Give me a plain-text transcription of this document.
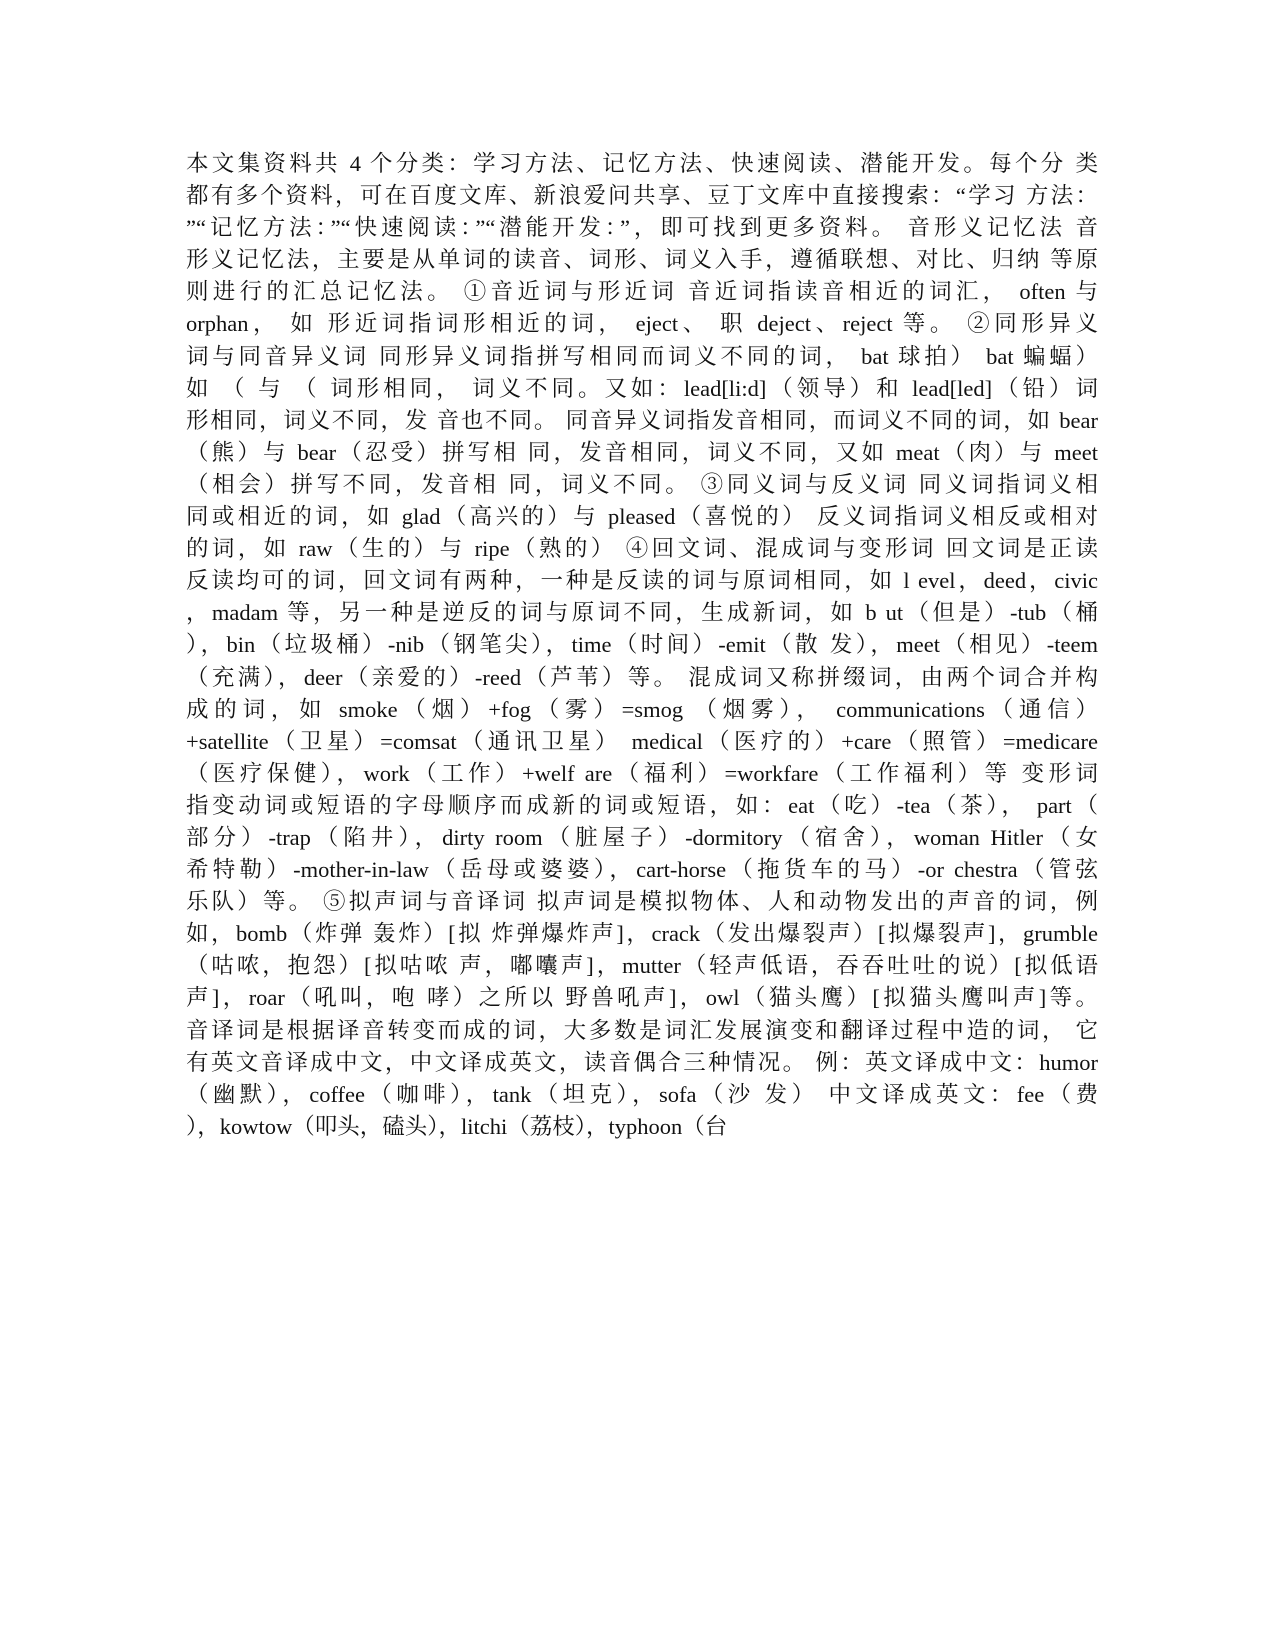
本文集资料共 4 个分类：学习方法、记忆方法、快速阅读、潜能开发。每个分 类
都有多个资料，可在百度文库、新浪爱问共享、豆丁文库中直接搜索：“学习 方法：
”“记忆方法：”“快速阅读：”“潜能开发：”，即可找到更多资料。 音形义记忆法 音
形义记忆法，主要是从单词的读音、词形、词义入手，遵循联想、对比、归纳 等原
则进行的汇总记忆法。 ①音近词与形近词 音近词指读音相近的词汇， often 与
orphan， 如 形近词指词形相近的词， eject、 职 deject、reject 等。 ②同形异义
词与同音异义词 同形异义词指拼写相同而词义不同的词， bat 球拍） bat 蝙蝠）
如 （ 与 （ 词形相同， 词义不同。又如：lead[li:d]（领导）和 lead[led]（铅）词
形相同，词义不同，发 音也不同。 同音异义词指发音相同，而词义不同的词，如 bear
（熊）与 bear（忍受）拼写相 同，发音相同，词义不同，又如 meat（肉）与 meet
（相会）拼写不同，发音相 同，词义不同。 ③同义词与反义词 同义词指词义相
同或相近的词，如 glad（高兴的）与 pleased（喜悦的） 反义词指词义相反或相对
的词，如 raw（生的）与 ripe（熟的） ④回文词、混成词与变形词 回文词是正读
反读均可的词，回文词有两种，一种是反读的词与原词相同，如 l evel，deed，civic
，madam 等，另一种是逆反的词与原词不同，生成新词，如 b ut（但是）-tub（桶
），bin（垃圾桶）-nib（钢笔尖），time（时间）-emit（散 发），meet（相见）-teem
（充满），deer（亲爱的）-reed（芦苇）等。 混成词又称拼缀词，由两个词合并构
成的词，如 smoke（烟）+fog（雾）=smog （烟雾）， communications（通信）
+satellite（卫星）=comsat（通讯卫星） medical（医疗的）+care（照管）=medicare
（医疗保健），work（工作）+welf are（福利）=workfare（工作福利）等 变形词
指变动词或短语的字母顺序而成新的词或短语，如：eat（吃）-tea（茶）， part（
部分）-trap（陷井），dirty room（脏屋子）-dormitory（宿舍），woman Hitler（女
希特勒）-mother-in-law（岳母或婆婆），cart-horse（拖货车的马）-or chestra（管弦
乐队）等。 ⑤拟声词与音译词 拟声词是模拟物体、人和动物发出的声音的词，例
如，bomb（炸弹 轰炸）[拟 炸弹爆炸声]，crack（发出爆裂声）[拟爆裂声]，grumble
（咕哝，抱怨）[拟咕哝 声，嘟囔声]，mutter（轻声低语，吞吞吐吐的说）[拟低语
声]，roar（吼叫，咆 哮）之所以 野兽吼声]，owl（猫头鹰）[拟猫头鹰叫声]等。
音译词是根据译音转变而成的词，大多数是词汇发展演变和翻译过程中造的词， 它
有英文音译成中文，中文译成英文，读音偶合三种情况。 例：英文译成中文：humor
（幽默），coffee（咖啡），tank（坦克），sofa（沙 发） 中文译成英文：fee（费
），kowtow（叩头，磕头），litchi（荔枝），typhoon（台
